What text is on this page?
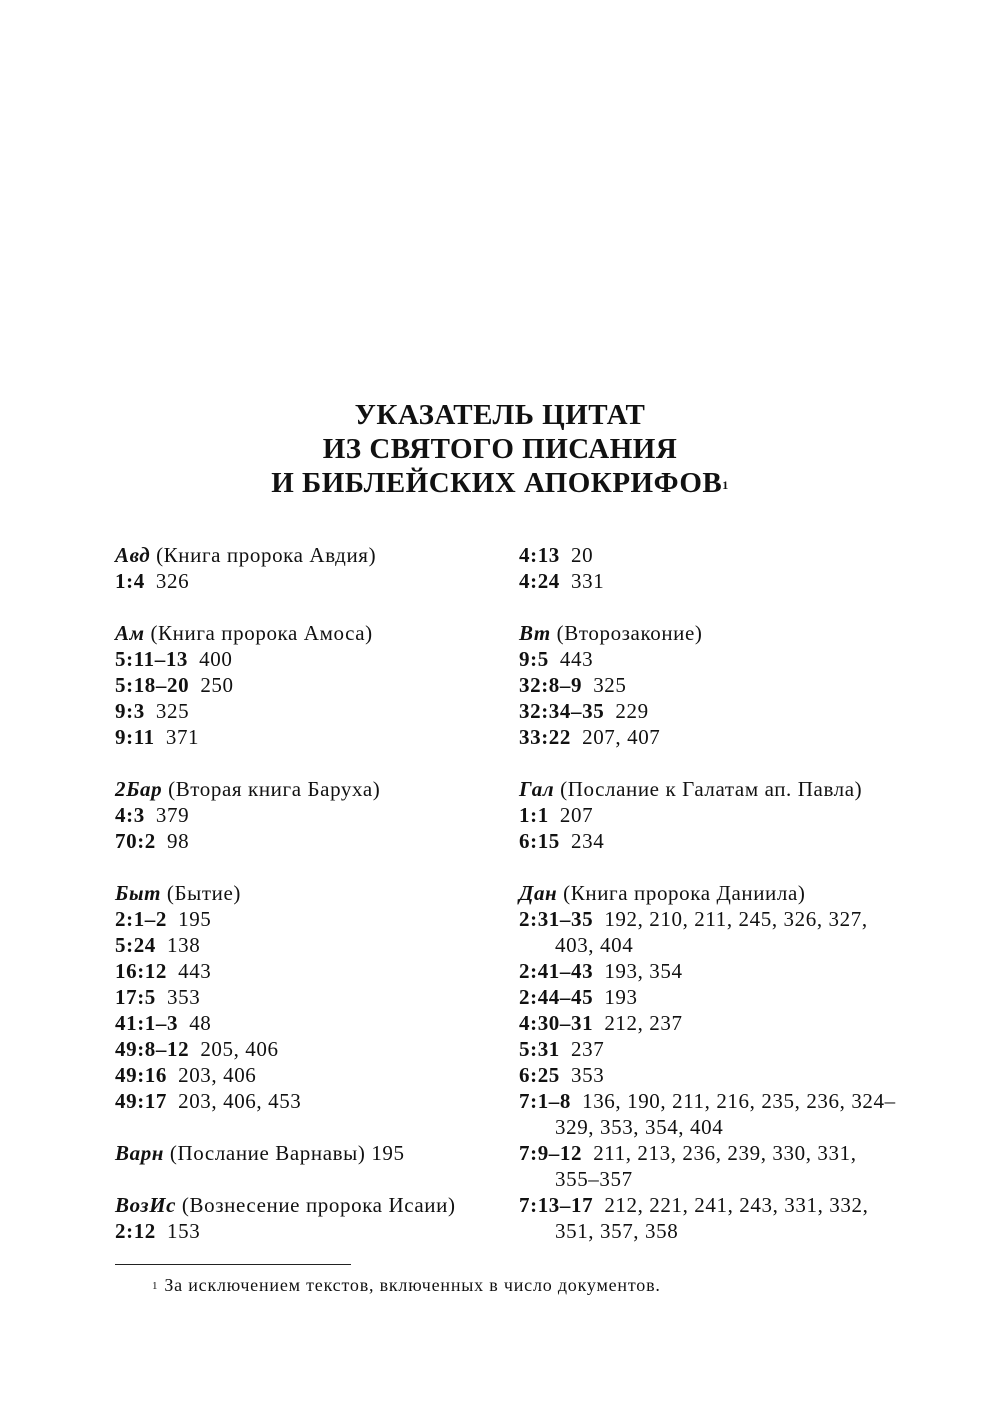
УКАЗАТЕЛЬ ЦИТАТ
ИЗ СВЯТОГО ПИСАНИЯ
И БИБЛЕЙСКИХ АПОКРИФОВ$^1$
Авд (Книга пророка Авдия)
1:4  326
Ам (Книга пророка Амоса)
5:11–13  400
5:18–20  250
9:3  325
9:11  371
2Бар (Вторая книга Баруха)
4:3  379
70:2  98
Быт (Бытие)
2:1–2  195
5:24  138
16:12  443
17:5  353
41:1–3  48
49:8–12  205, 406
49:16  203, 406
49:17  203, 406, 453
Варн (Послание Варнавы) 195
ВозИс (Вознесение пророка Исаии)
2:12  153
4:13  20
4:24  331
Вт (Второзаконие)
9:5  443
32:8–9  325
32:34–35  229
33:22  207, 407
Гал (Послание к Галатам ап. Павла)
1:1  207
6:15  234
Дан (Книга пророка Даниила)
2:31–35  192, 210, 211, 245, 326, 327, 403, 404
2:41–43  193, 354
2:44–45  193
4:30–31  212, 237
5:31  237
6:25  353
7:1–8  136, 190, 211, 216, 235, 236, 324–329, 353, 354, 404
7:9–12  211, 213, 236, 239, 330, 331, 355–357
7:13–17  212, 221, 241, 243, 331, 332, 351, 357, 358
$^1$ За исключением текстов, включенных в число документов.
